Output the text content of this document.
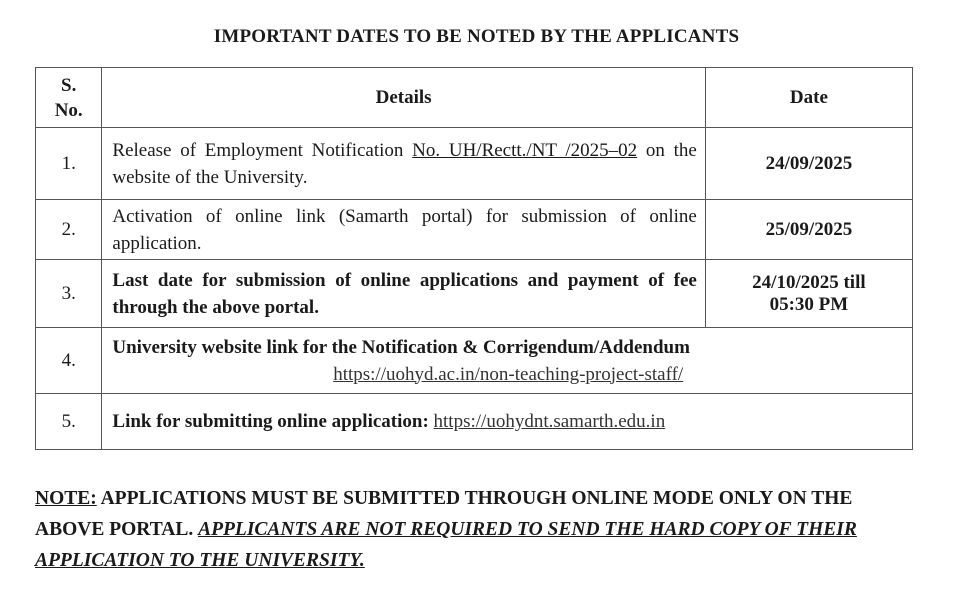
IMPORTANT DATES TO BE NOTED BY THE APPLICANTS
S.
No.	Details	Date
1.	Release of Employment Notification No. UH/Rectt./NT /2025–02 on the website of the University.	24/09/2025
2.	Activation of online link (Samarth portal) for submission of online application.	25/09/2025
3.	Last date for submission of online applications and payment of fee through the above portal.	24/10/2025 till
05:30 PM
4.	University website link for the Notification & Corrigendum/Addendum
https://uohyd.ac.in/non-teaching-project-staff/	

5.	Link for submitting online application: https://uohydnt.samarth.edu.in	
NOTE: APPLICATIONS MUST BE SUBMITTED THROUGH ONLINE MODE ONLY ON THE ABOVE PORTAL. APPLICANTS ARE NOT REQUIRED TO SEND THE HARD COPY OF THEIR APPLICATION TO THE UNIVERSITY.
